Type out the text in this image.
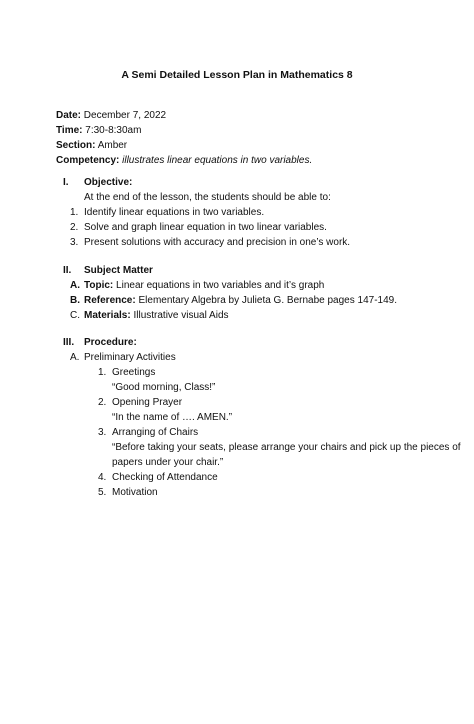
A Semi Detailed Lesson Plan in Mathematics 8
Date: December 7, 2022
Time: 7:30-8:30am
Section: Amber
Competency: illustrates linear equations in two variables.
I. Objective:
At the end of the lesson, the students should be able to:
1. Identify linear equations in two variables.
2. Solve and graph linear equation in two linear variables.
3. Present solutions with accuracy and precision in one’s work.
II. Subject Matter
A. Topic: Linear equations in two variables and it’s graph
B. Reference: Elementary Algebra by Julieta G. Bernabe pages 147-149.
C. Materials: Illustrative visual Aids
III. Procedure:
A. Preliminary Activities
1. Greetings
“Good morning, Class!”
2. Opening Prayer
“In the name of …. AMEN.”
3. Arranging of Chairs
“Before taking your seats, please arrange your chairs and pick up the pieces of
papers under your chair.”
4. Checking of Attendance
5. Motivation
